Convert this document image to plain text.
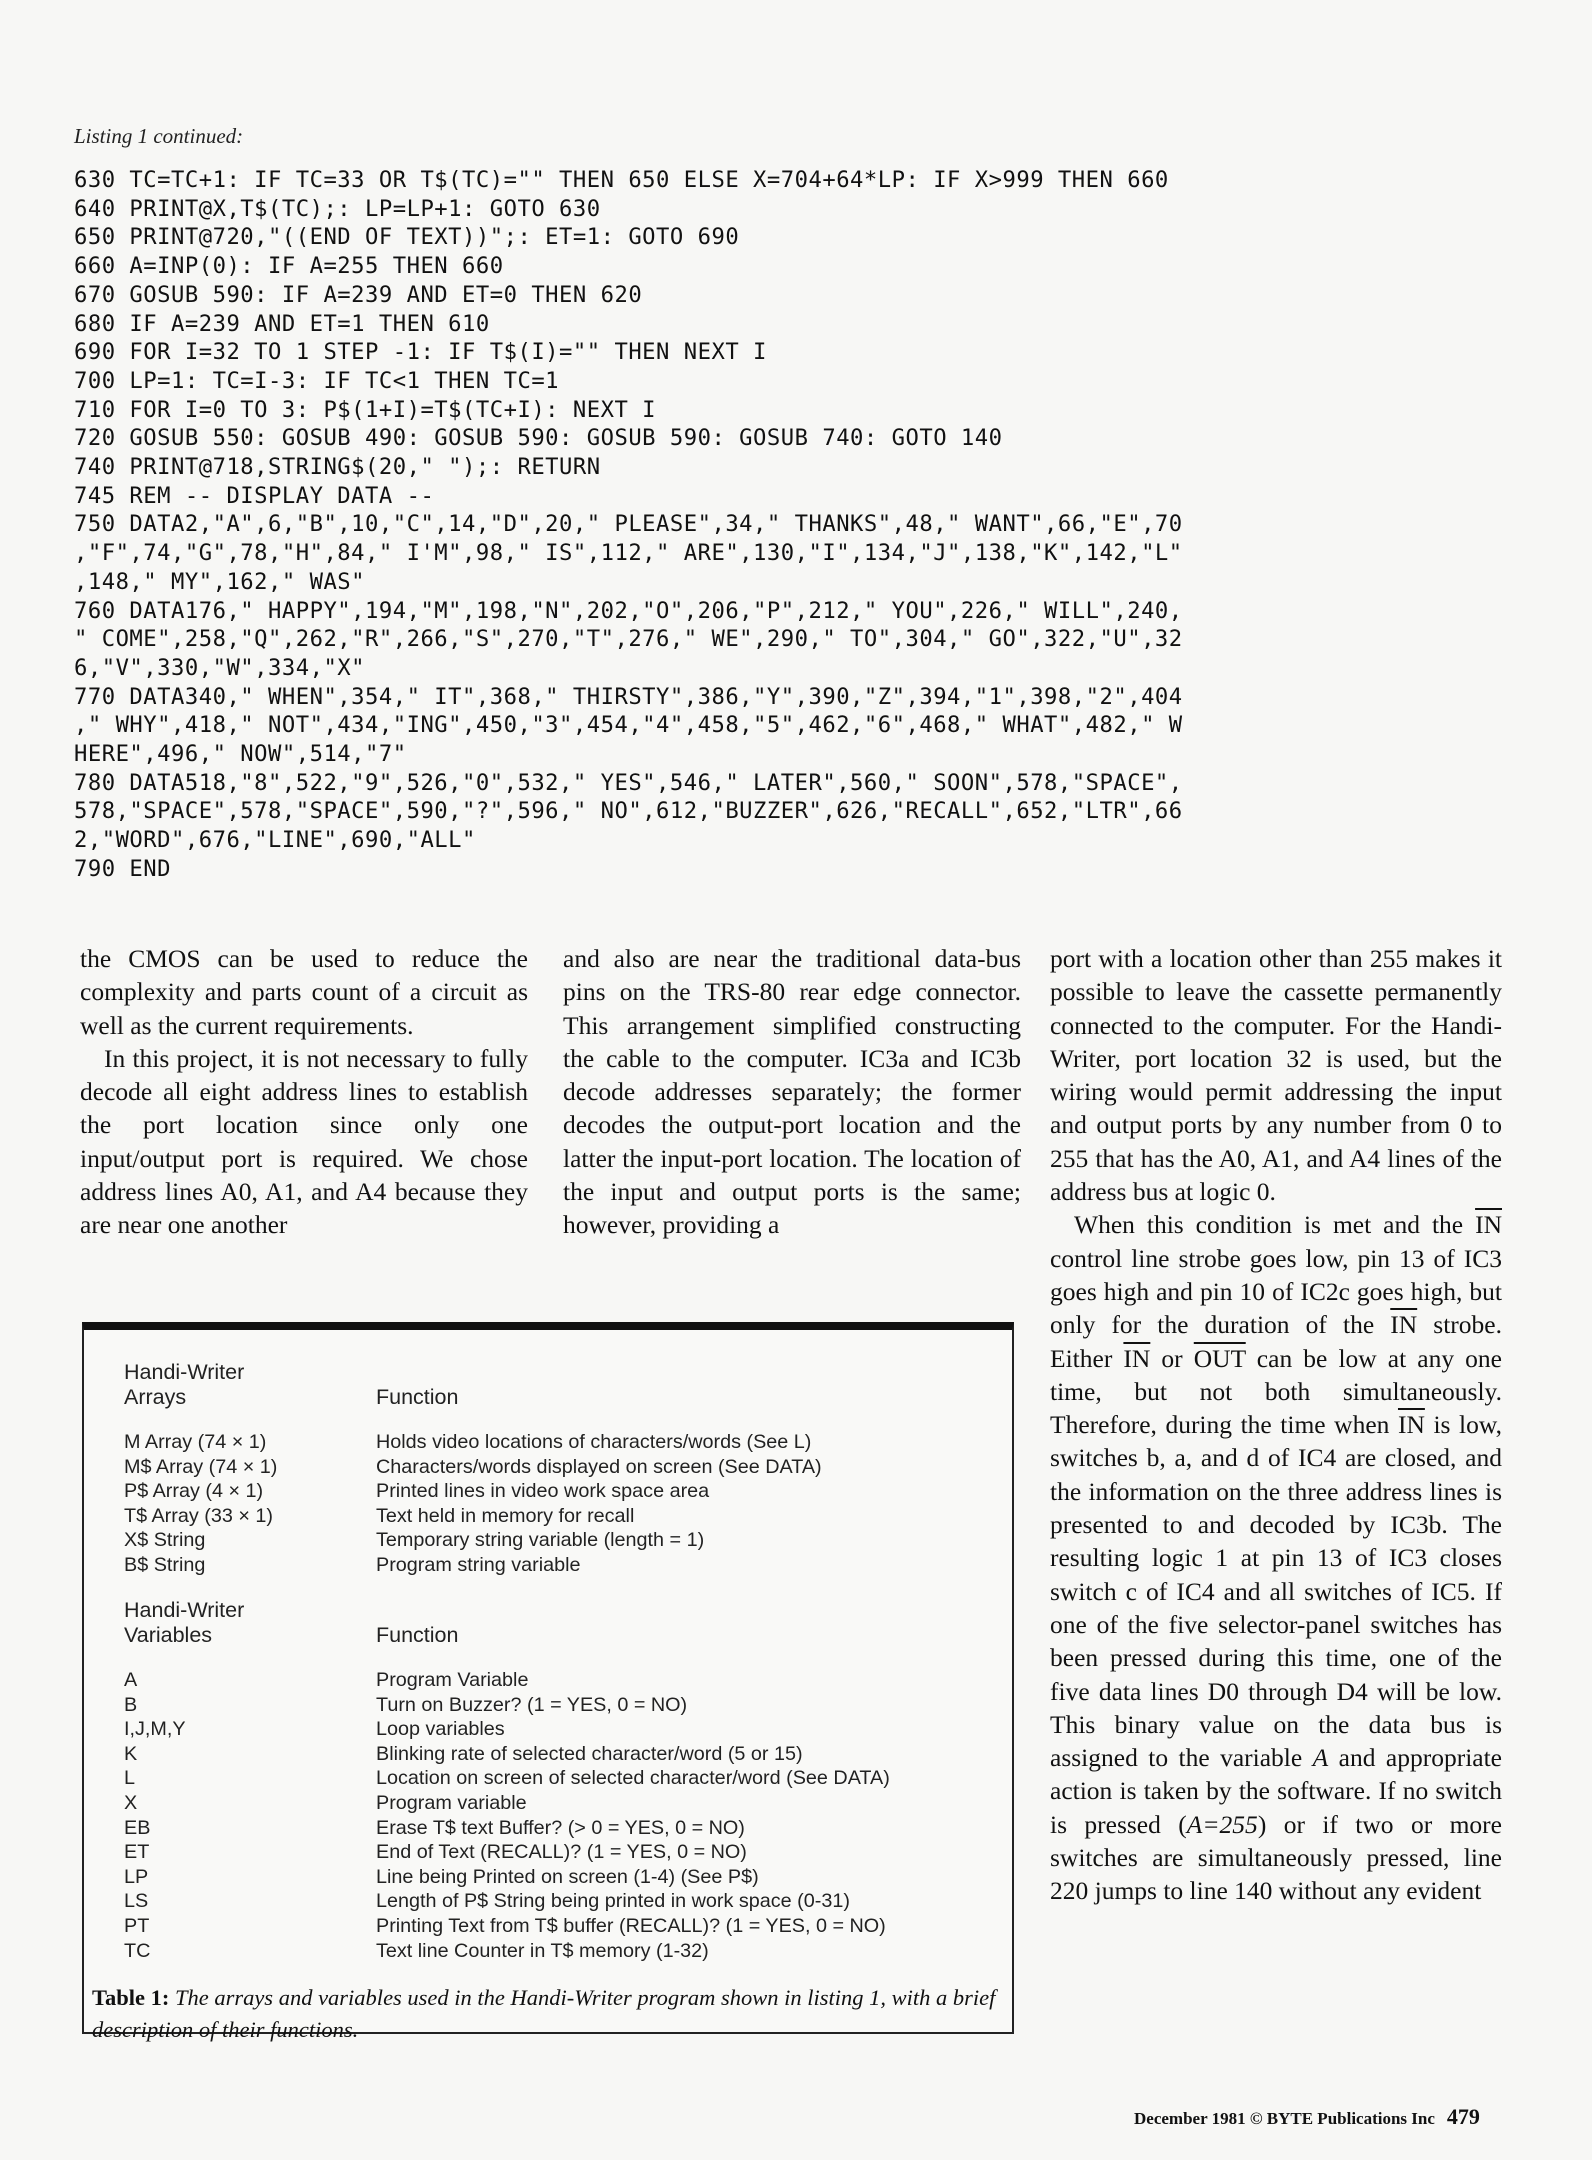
Listing 1 continued:
630 TC=TC+1: IF TC=33 OR T$(TC)="" THEN 650 ELSE X=704+64*LP: IF X>999 THEN 660
640 PRINT@X,T$(TC);: LP=LP+1: GOTO 630
650 PRINT@720,"((END OF TEXT))";: ET=1: GOTO 690
660 A=INP(0): IF A=255 THEN 660
670 GOSUB 590: IF A=239 AND ET=0 THEN 620
680 IF A=239 AND ET=1 THEN 610
690 FOR I=32 TO 1 STEP -1: IF T$(I)="" THEN NEXT I
700 LP=1: TC=I-3: IF TC<1 THEN TC=1
710 FOR I=0 TO 3: P$(1+I)=T$(TC+I): NEXT I
720 GOSUB 550: GOSUB 490: GOSUB 590: GOSUB 590: GOSUB 740: GOTO 140
740 PRINT@718,STRING$(20," ");: RETURN
745 REM -- DISPLAY DATA --
750 DATA2,"A",6,"B",10,"C",14,"D",20," PLEASE",34," THANKS",48," WANT",66,"E",70
,"F",74,"G",78,"H",84," I'M",98," IS",112," ARE",130,"I",134,"J",138,"K",142,"L"
,148," MY",162," WAS"
760 DATA176," HAPPY",194,"M",198,"N",202,"O",206,"P",212," YOU",226," WILL",240,
" COME",258,"Q",262,"R",266,"S",270,"T",276," WE",290," TO",304," GO",322,"U",32
6,"V",330,"W",334,"X"
770 DATA340," WHEN",354," IT",368," THIRSTY",386,"Y",390,"Z",394,"1",398,"2",404
," WHY",418," NOT",434,"ING",450,"3",454,"4",458,"5",462,"6",468," WHAT",482," W
HERE",496," NOW",514,"7"
780 DATA518,"8",522,"9",526,"0",532," YES",546," LATER",560," SOON",578,"SPACE",
578,"SPACE",578,"SPACE",590,"?",596," NO",612,"BUZZER",626,"RECALL",652,"LTR",66
2,"WORD",676,"LINE",690,"ALL"
790 END

the CMOS can be used to reduce the complexity and parts count of a circuit as well as the current requirements.

In this project, it is not necessary to fully decode all eight address lines to establish the port location since only one input/output port is required. We chose address lines A0, A1, and A4 because they are near one another

and also are near the traditional data-bus pins on the TRS-80 rear edge connector. This arrangement simplified constructing the cable to the computer. IC3a and IC3b decode addresses separately; the former decodes the output-port location and the latter the input-port location. The location of the input and output ports is the same; however, providing a

port with a location other than 255 makes it possible to leave the cassette permanently connected to the computer. For the Handi-Writer, port location 32 is used, but the wiring would permit addressing the input and output ports by any number from 0 to 255 that has the A0, A1, and A4 lines of the address bus at logic 0.

When this condition is met and the $\overline{IN}$ control line strobe goes low, pin 13 of IC3 goes high and pin 10 of IC2c goes high, but only for the duration of the $\overline{IN}$ strobe. Either $\overline{IN}$ or $\overline{OUT}$ can be low at any one time, but not both simultaneously. Therefore, during the time when $\overline{IN}$ is low, switches b, a, and d of IC4 are closed, and the information on the three address lines is presented to and decoded by IC3b. The resulting logic 1 at pin 13 of IC3 closes switch c of IC4 and all switches of IC5. If one of the five selector-panel switches has been pressed during this time, one of the five data lines D0 through D4 will be low. This binary value on the data bus is assigned to the variable A and appropriate action is taken by the software. If no switch is pressed (A=255) or if two or more switches are simultaneously pressed, line 220 jumps to line 140 without any evident

Handi-Writer
Arrays	Function
M Array (74 × 1)	Holds video locations of characters/words (See L)
M$ Array (74 × 1)	Characters/words displayed on screen (See DATA)
P$ Array (4 × 1)	Printed lines in video work space area
T$ Array (33 × 1)	Text held in memory for recall
X$ String	Temporary string variable (length = 1)
B$ String	Program string variable
Handi-Writer
Variables	Function
A	Program Variable
B	Turn on Buzzer? (1 = YES, 0 = NO)
I,J,M,Y	Loop variables
K	Blinking rate of selected character/word (5 or 15)
L	Location on screen of selected character/word (See DATA)
X	Program variable
EB	Erase T$ text Buffer? (> 0 = YES, 0 = NO)
ET	End of Text (RECALL)? (1 = YES, 0 = NO)
LP	Line being Printed on screen (1-4) (See P$)
LS	Length of P$ String being printed in work space (0-31)
PT	Printing Text from T$ buffer (RECALL)? (1 = YES, 0 = NO)
TC	Text line Counter in T$ memory (1-32)
Table 1: The arrays and variables used in the Handi-Writer program shown in listing 1, with a brief description of their functions.
December 1981 © BYTE Publications Inc 479
